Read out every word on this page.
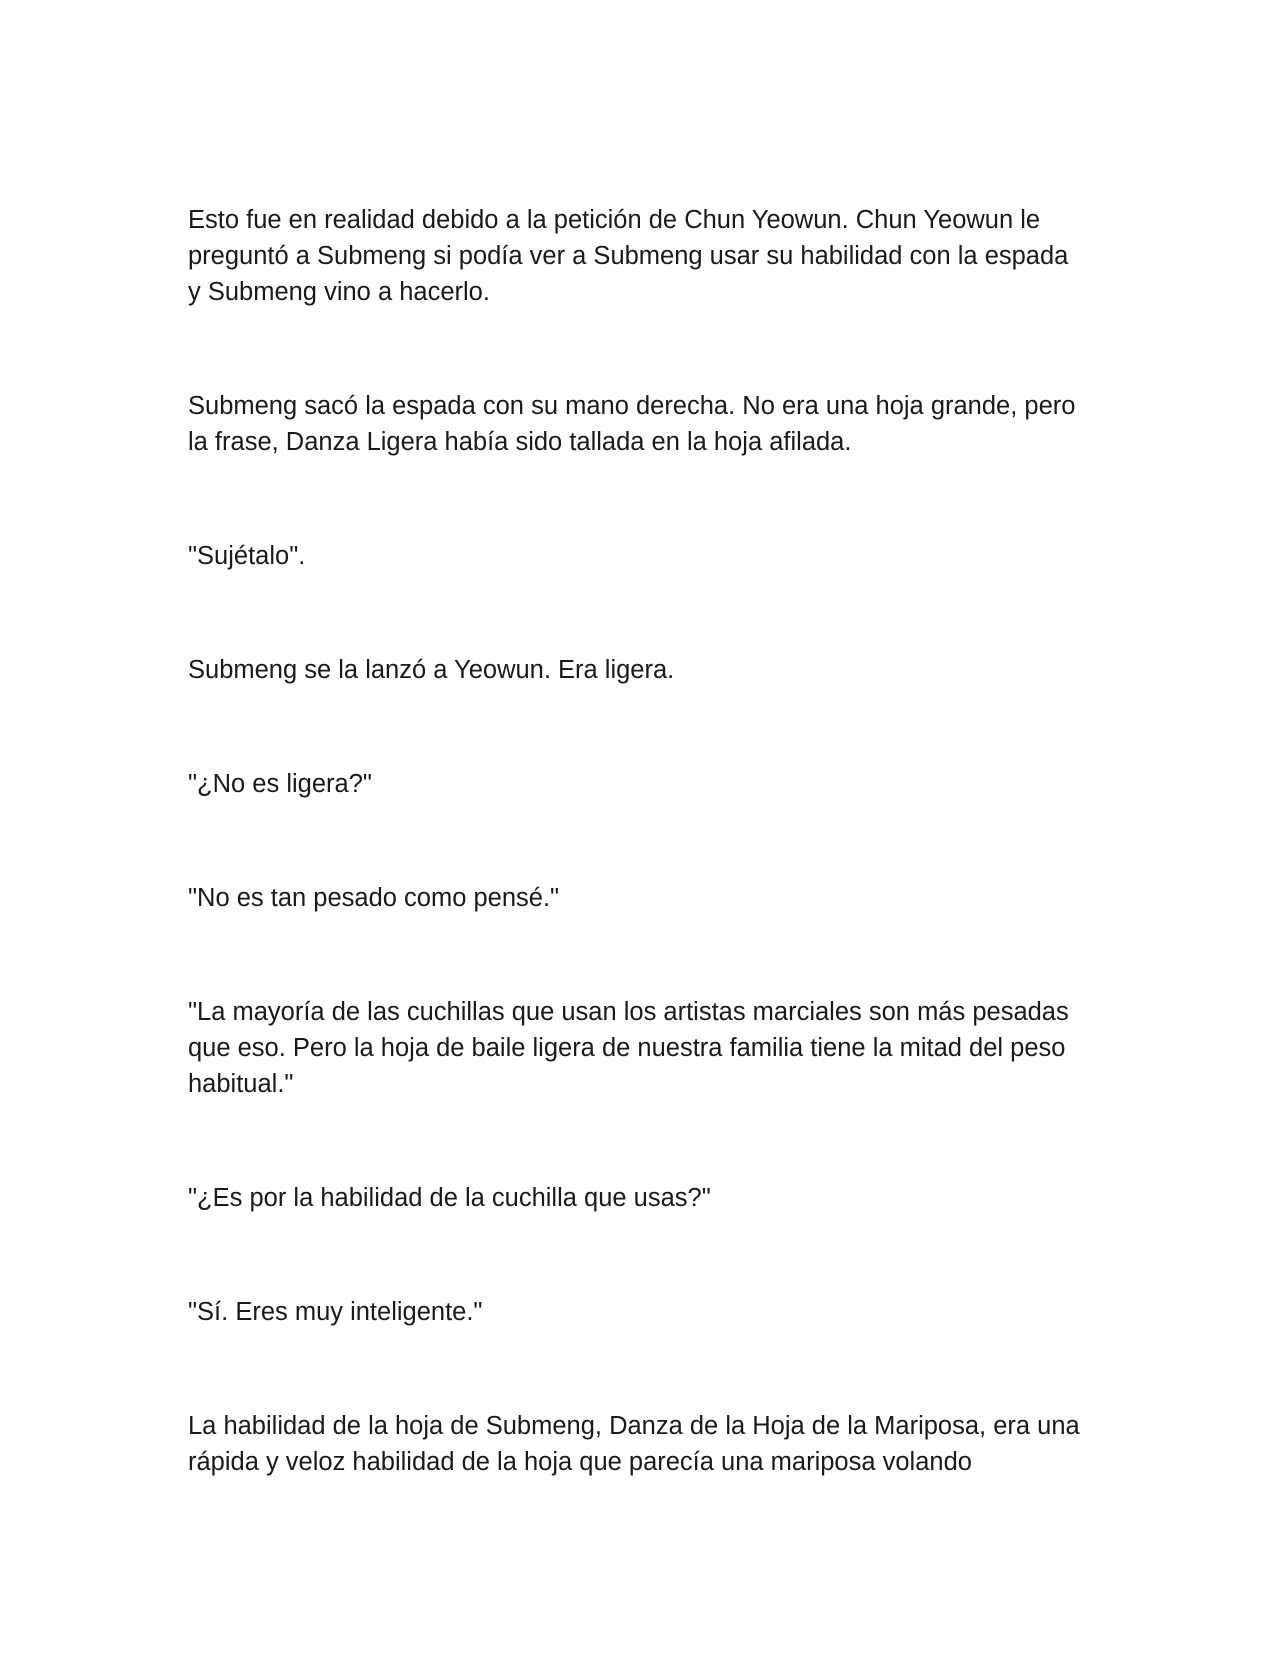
Esto fue en realidad debido a la petición de Chun Yeowun. Chun Yeowun le preguntó a Submeng si podía ver a Submeng usar su habilidad con la espada y Submeng vino a hacerlo.

Submeng sacó la espada con su mano derecha. No era una hoja grande, pero la frase, Danza Ligera había sido tallada en la hoja afilada.

"Sujétalo".

Submeng se la lanzó a Yeowun. Era ligera.

"¿No es ligera?"

"No es tan pesado como pensé."

"La mayoría de las cuchillas que usan los artistas marciales son más pesadas que eso. Pero la hoja de baile ligera de nuestra familia tiene la mitad del peso habitual."

"¿Es por la habilidad de la cuchilla que usas?"

"Sí. Eres muy inteligente."

La habilidad de la hoja de Submeng, Danza de la Hoja de la Mariposa, era una rápida y veloz habilidad de la hoja que parecía una mariposa volando
